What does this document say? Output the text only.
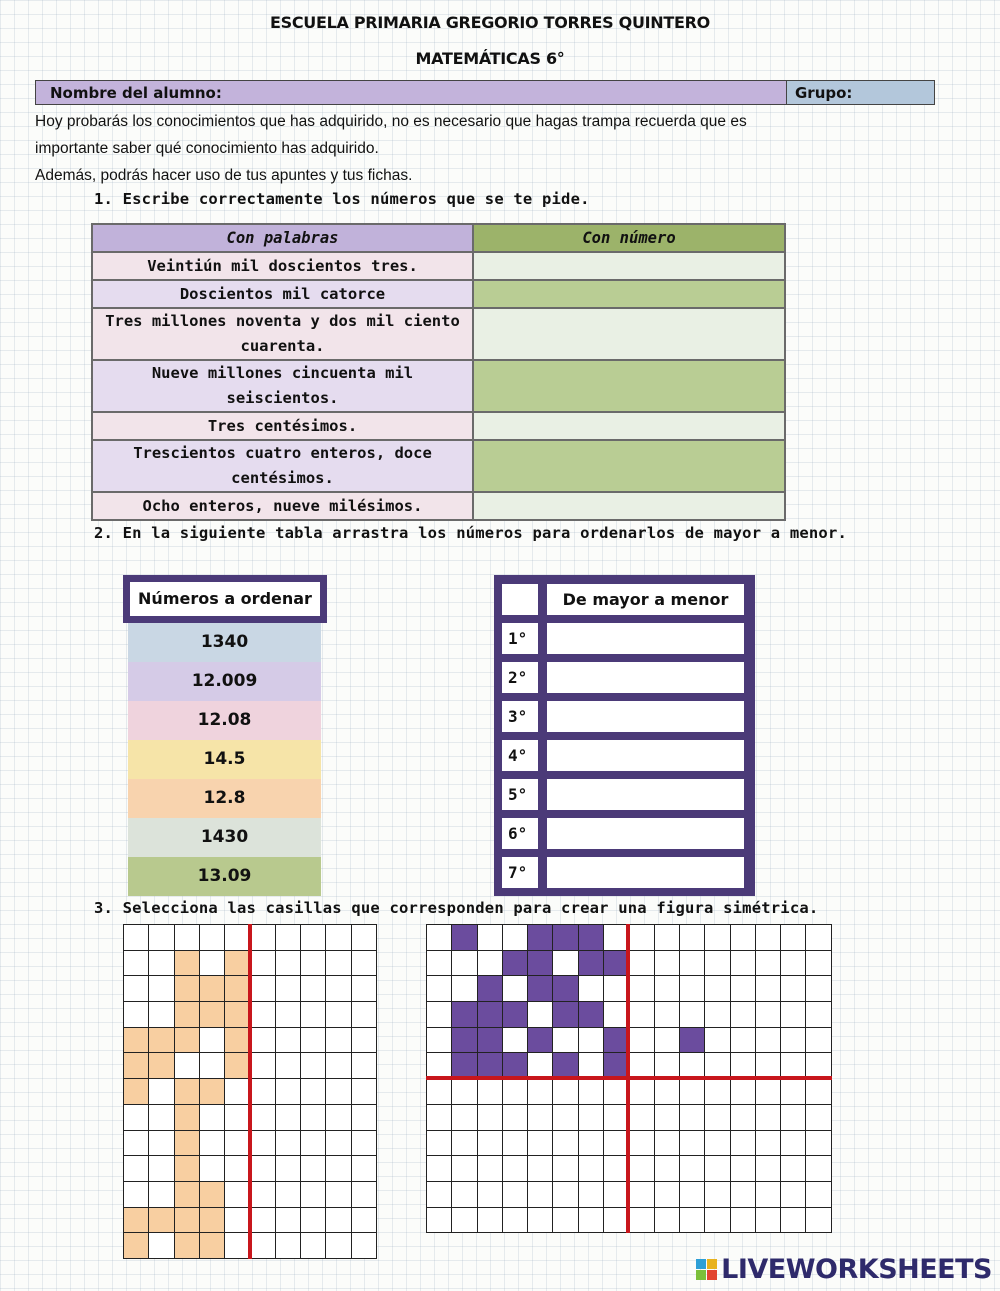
ESCUELA PRIMARIA GREGORIO TORRES QUINTERO
MATEMÁTICAS 6°
Nombre del alumno:	Grupo:
Hoy probarás los conocimientos que has adquirido, no es necesario que hagas trampa recuerda que es
importante saber qué conocimiento has adquirido.
Además, podrás hacer uso de tus apuntes y tus fichas.
1. Escribe correctamente los números que se te pide.
Con palabras	Con número
Veintiún mil doscientos tres.	
Doscientos mil catorce	
Tres millones noventa y dos mil ciento cuarenta.	
Nueve millones cincuenta mil seiscientos.	
Tres centésimos.	
Trescientos cuatro enteros, doce centésimos.	
Ocho enteros, nueve milésimos.	
2. En la siguiente tabla arrastra los números para ordenarlos de mayor a menor.
Números a ordenar
1340
12.009
12.08
14.5
12.8
1430
13.09
De mayor a menor
1°
2°
3°
4°
5°
6°
7°
3. Selecciona las casillas que corresponden para crear una figura simétrica.
LIVEWORKSHEETS
